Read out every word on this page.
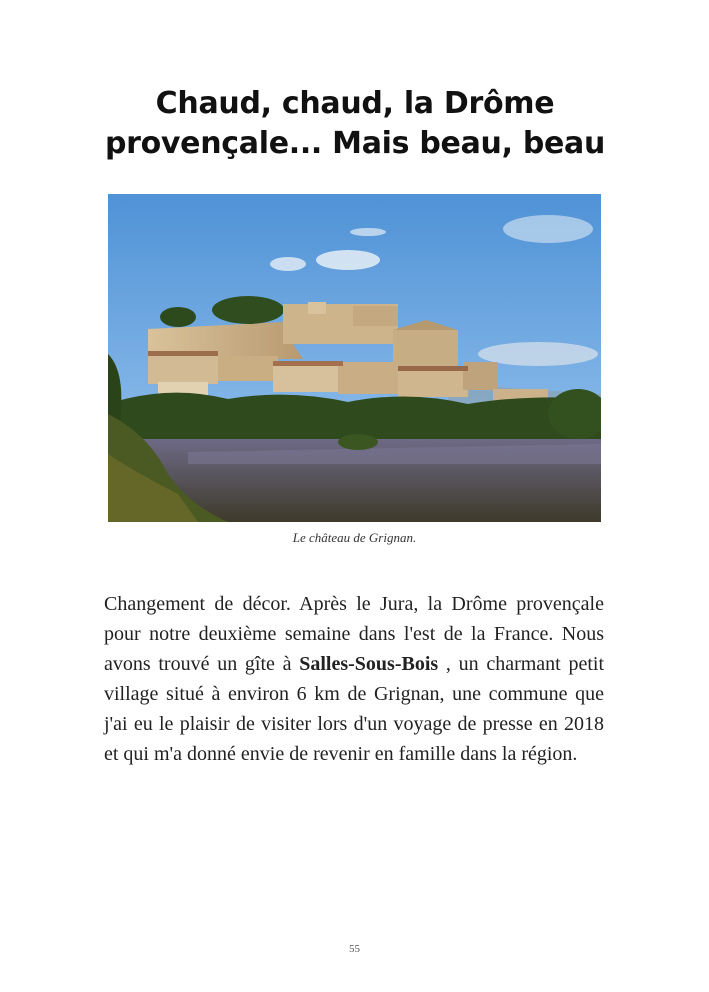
Chaud, chaud, la Drôme
provençale... Mais beau, beau
Le château de Grignan.
Changement de décor. Après le Jura, la Drôme provençale pour notre deuxième semaine dans l'est de la France. Nous avons trouvé un gîte à Salles-Sous-Bois , un charmant petit village situé à environ 6 km de Grignan, une commune que j'ai eu le plaisir de visiter lors d'un voyage de presse en 2018 et qui m'a donné envie de revenir en famille dans la région.
55
